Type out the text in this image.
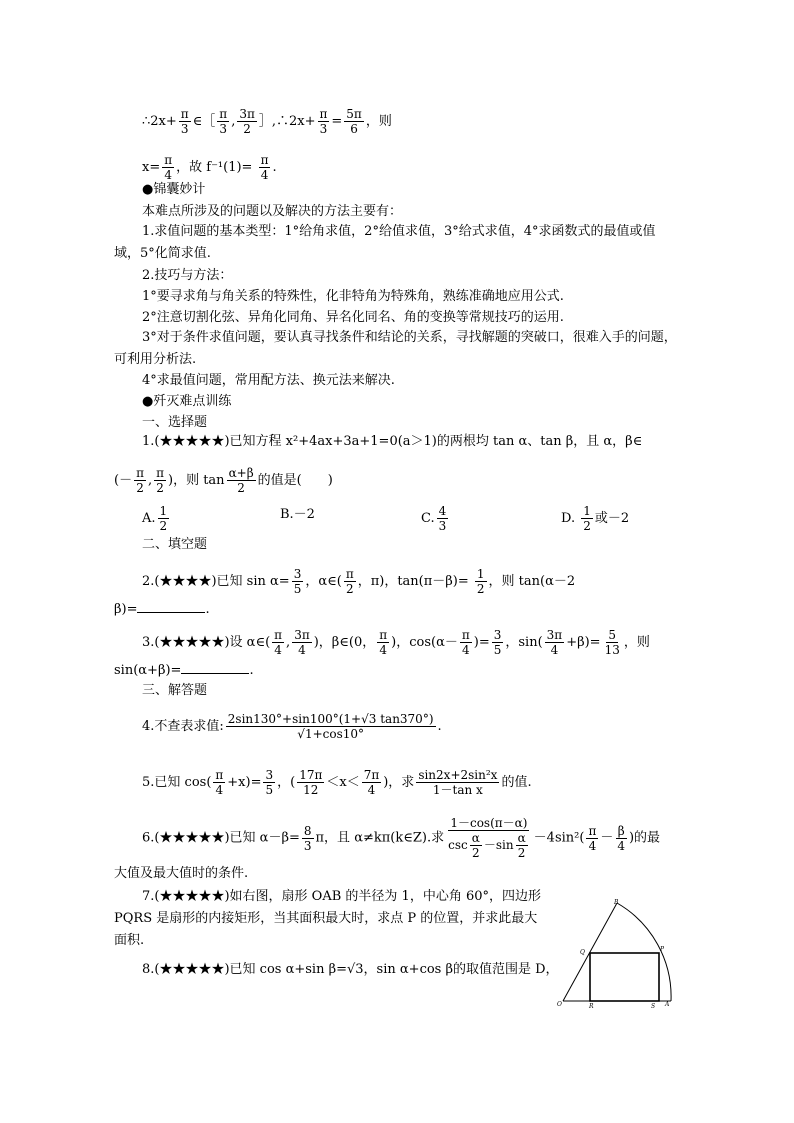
∴2x+ $\frac{\pi}{3}$ ∈［ $\frac{\pi}{3}$ , $\frac{3\pi}{2}$ ］,∴2x+ $\frac{\pi}{3} = \frac{5\pi}{6}$ ，则
$x= \frac{\pi}{4}$ ，故 $f^{-1}(1)= \frac{\pi}{4}$ .
●锦囊妙计
本难点所涉及的问题以及解决的方法主要有：
1.求值问题的基本类型：1°给角求值，2°给值求值，3°给式求值，4°求函数式的最值或值域，5°化简求值.
2.技巧与方法：
1°要寻求角与角关系的特殊性，化非特角为特殊角，熟练准确地应用公式.
2°注意切割化弦、异角化同角、异名化同名、角的变换等常规技巧的运用.
3°对于条件求值问题，要认真寻找条件和结论的关系，寻找解题的突破口，很难入手的问题，可利用分析法.
4°求最值问题，常用配方法、换元法来解决.
●歼灭难点训练
一、选择题
1.(★★★★★)已知方程 x²+4ax+3a+1=0(a＞1)的两根均 tan α、tan β，且 α，β∈
(－ $\frac{\pi}{2}$ , $\frac{\pi}{2}$ )，则 $\tan \frac{\alpha+\beta}{2}$ 的值是(　　)
A. $\frac{1}{2}$	B.－2	C. $\frac{4}{3}$	D. $\frac{1}{2}$ 或－2
二、填空题
2.(★★★★)已知 $\sin \alpha= \frac{3}{5}$ ，α∈( $\frac{\pi}{2}$ ，π)，$\tan(\pi-\beta)= \frac{1}{2}$ ，则 tan(α－2
β)=	.
3.(★★★★★)设 α∈( $\frac{\pi}{4}$ , $\frac{3\pi}{4}$ )，β∈(0， $\frac{\pi}{4}$ )，$\cos(\alpha- \frac{\pi}{4}$ )= $\frac{3}{5}$ ，$\sin( \frac{3\pi}{4} +\beta)= \frac{5}{13}$ ，则
sin(α+β)=	.
三、解答题
4.不查表求值: $\frac{2\sin 130^\circ+\sin 100^\circ(1+√3 \tan 370^\circ)}{√1+\cos 10^\circ}$ .
5.已知 $\cos( \frac{\pi}{4} +x)= \frac{3}{5}$ ，( $\frac{17\pi}{12} <x< \frac{7\pi}{4}$ )，求 $\frac{\text{sin2x+2sin²x}}{\text{1－tan x}}$ 的值.
6.(★★★★★)已知 $\alpha-\beta= \frac{8}{3}$ π，且 α≠kπ(k∈Z).求 $\frac{1-\cos(\pi-\alpha)}{\csc \frac{\alpha}{2} -\sin \frac{\alpha}{2}} -4\sin^2( \frac{\pi}{4} - \frac{\beta}{4}$ )的最
大值及最大值时的条件.
7.(★★★★★)如右图，扇形 OAB 的半径为 1，中心角 60°，四边形 PQRS 是扇形的内接矩形，当其面积最大时，求点 P 的位置，并求此最大面积.
8.(★★★★★)已知 cos α+sin β=√3，sin α+cos β的取值范围是 D，
B
P
Q
O	R	S A
